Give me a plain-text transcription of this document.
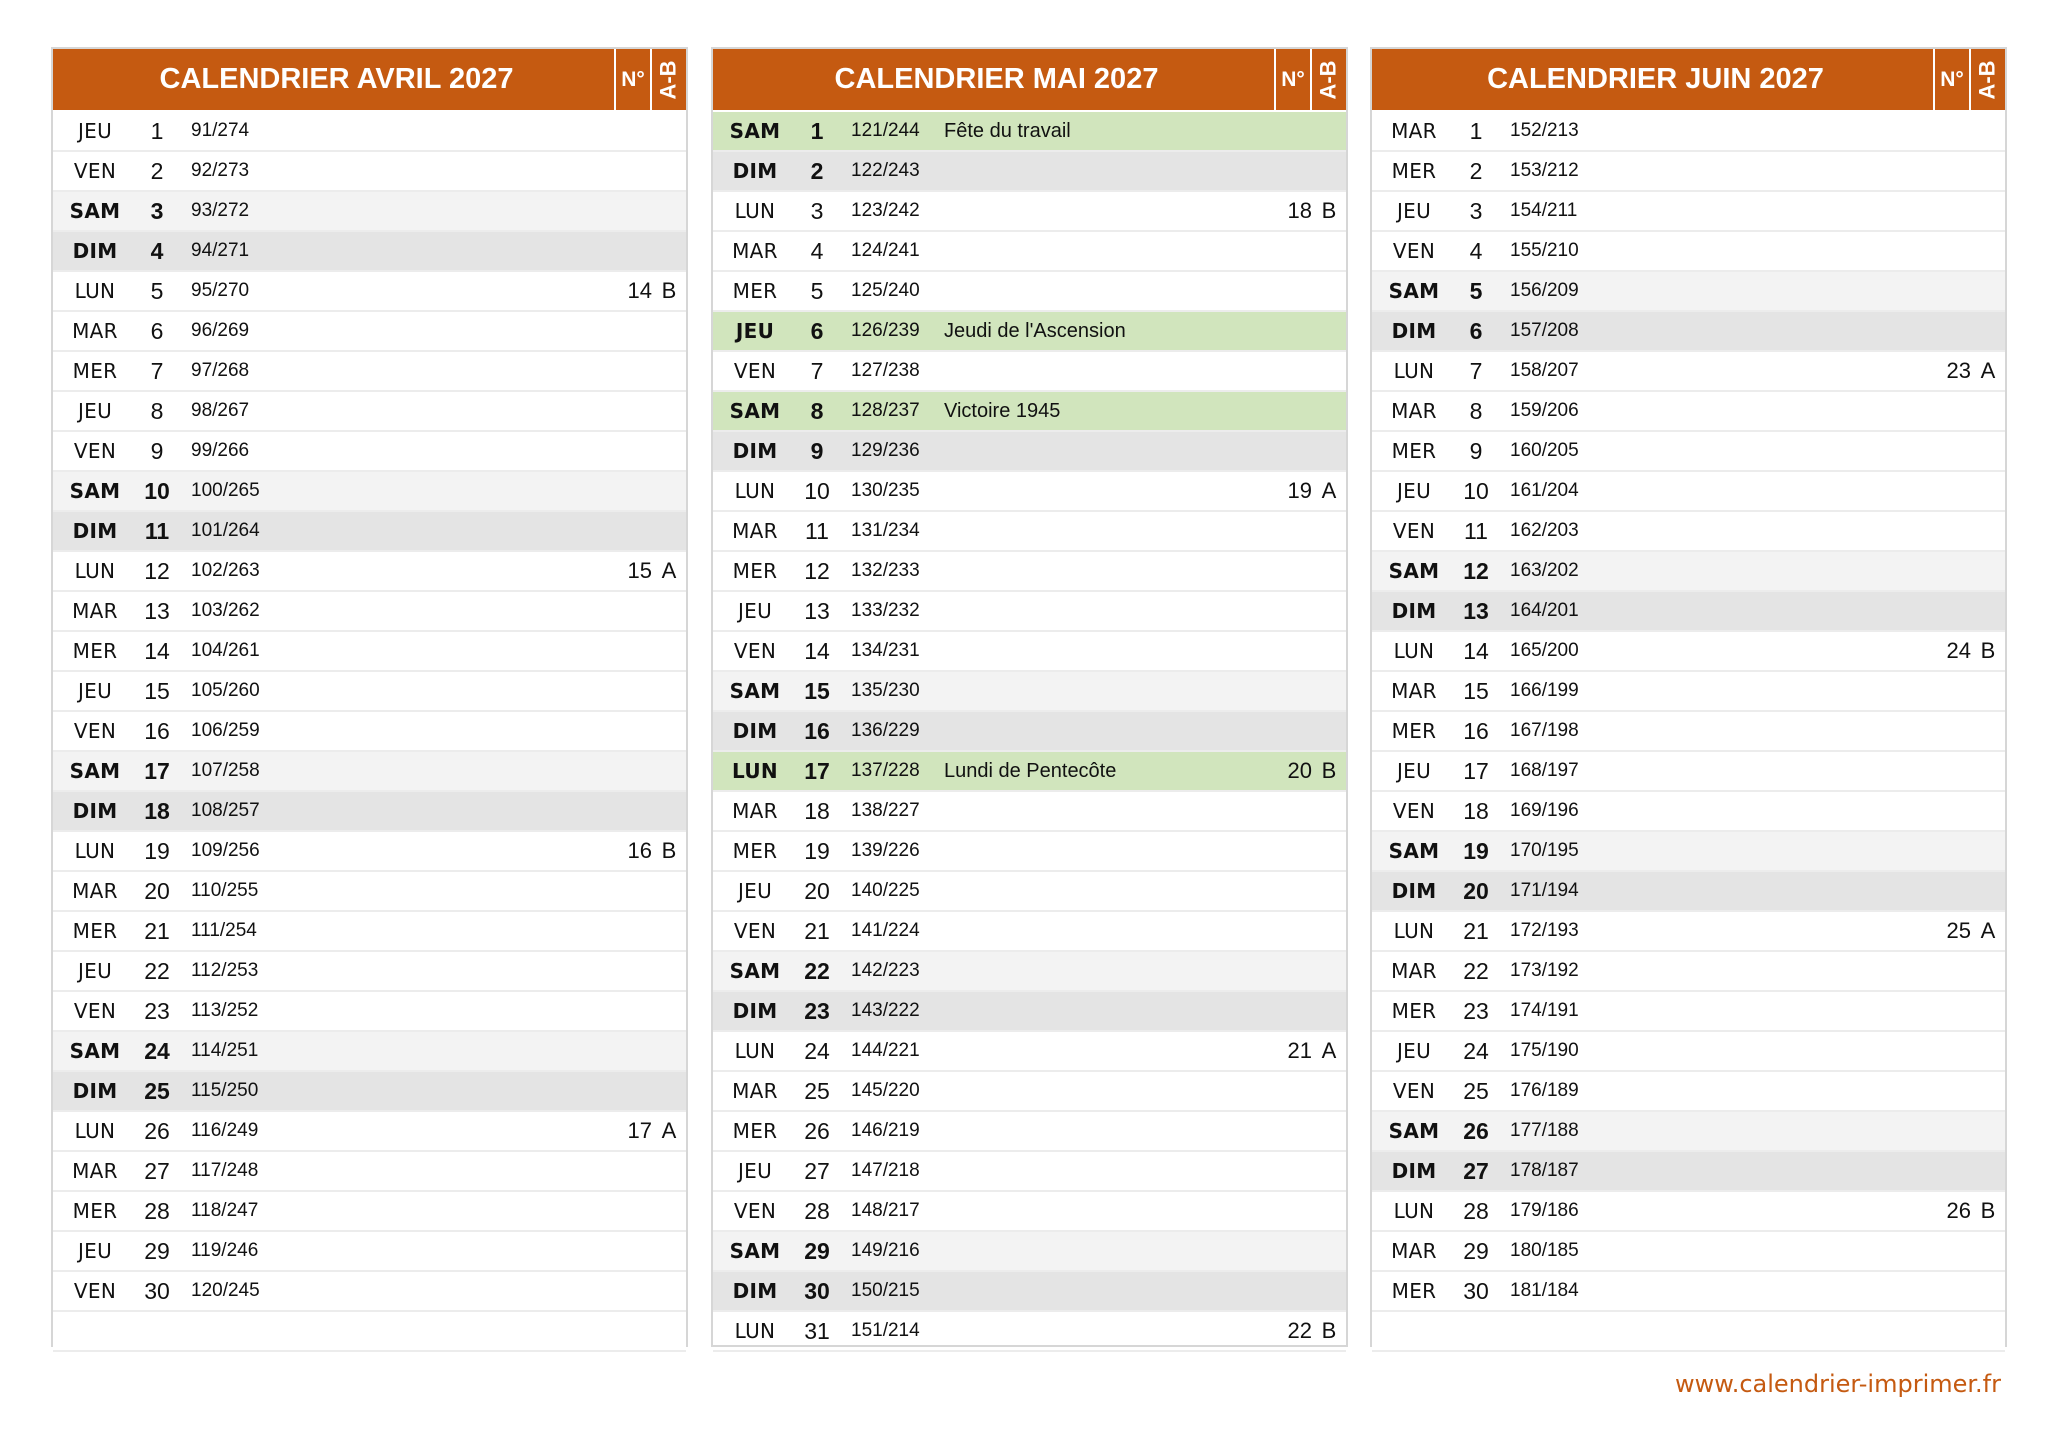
CALENDRIER AVRIL 2027	N° A-B
JEU	1	91/274
VEN	2	92/273
SAM	3	93/272
DIM	4	94/271
LUN	5	95/270	14 B
MAR	6	96/269
MER	7	97/268
JEU	8	98/267
VEN	9	99/266
SAM	10	100/265
DIM	11	101/264
LUN	12	102/263	15 A
MAR	13	103/262
MER	14	104/261
JEU	15	105/260
VEN	16	106/259
SAM	17	107/258
DIM	18	108/257
LUN	19	109/256	16 B
MAR	20	110/255
MER	21	111/254
JEU	22	112/253
VEN	23	113/252
SAM	24	114/251
DIM	25	115/250
LUN	26	116/249	17 A
MAR	27	117/248
MER	28	118/247
JEU	29	119/246
VEN	30	120/245
CALENDRIER MAI 2027	N° A-B
SAM	1	121/244	Fête du travail
DIM	2	122/243
LUN	3	123/242	18 B
MAR	4	124/241
MER	5	125/240
JEU	6	126/239	Jeudi de l'Ascension
VEN	7	127/238
SAM	8	128/237	Victoire 1945
DIM	9	129/236
LUN	10	130/235	19 A
MAR	11	131/234
MER	12	132/233
JEU	13	133/232
VEN	14	134/231
SAM	15	135/230
DIM	16	136/229
LUN	17	137/228	Lundi de Pentecôte	20 B
MAR	18	138/227
MER	19	139/226
JEU	20	140/225
VEN	21	141/224
SAM	22	142/223
DIM	23	143/222
LUN	24	144/221	21 A
MAR	25	145/220
MER	26	146/219
JEU	27	147/218
VEN	28	148/217
SAM	29	149/216
DIM	30	150/215
LUN	31	151/214	22 B
CALENDRIER JUIN 2027	N° A-B
MAR	1	152/213
MER	2	153/212
JEU	3	154/211
VEN	4	155/210
SAM	5	156/209
DIM	6	157/208
LUN	7	158/207	23 A
MAR	8	159/206
MER	9	160/205
JEU	10	161/204
VEN	11	162/203
SAM	12	163/202
DIM	13	164/201
LUN	14	165/200	24 B
MAR	15	166/199
MER	16	167/198
JEU	17	168/197
VEN	18	169/196
SAM	19	170/195
DIM	20	171/194
LUN	21	172/193	25 A
MAR	22	173/192
MER	23	174/191
JEU	24	175/190
VEN	25	176/189
SAM	26	177/188
DIM	27	178/187
LUN	28	179/186	26 B
MAR	29	180/185
MER	30	181/184
www.calendrier-imprimer.fr
